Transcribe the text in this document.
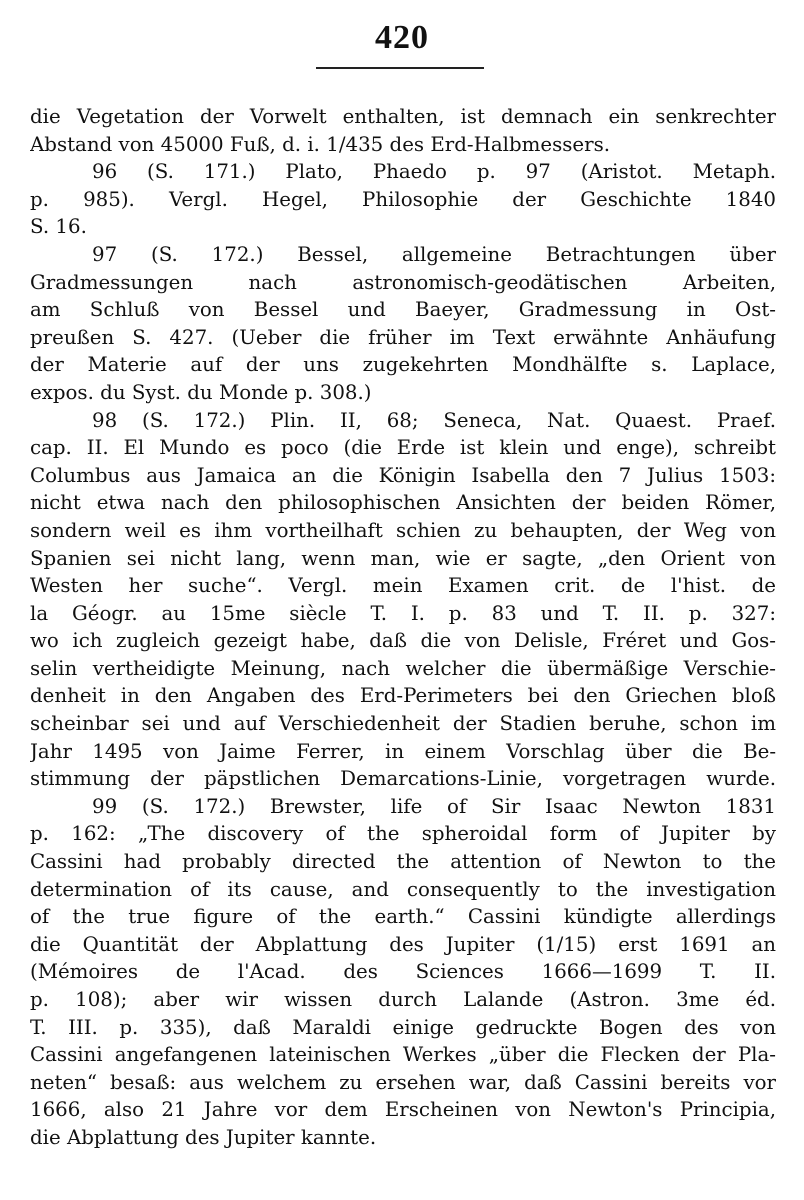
420
die Vegetation der Vorwelt enthalten, ist demnach ein senkrechter
Abstand von 45000 Fuß, d. i. 1/435 des Erd-Halbmessers.
96 (S. 171.) Plato, Phaedo p. 97 (Aristot. Metaph.
p. 985). Vergl. Hegel, Philosophie der Geschichte 1840
S. 16.
97 (S. 172.) Bessel, allgemeine Betrachtungen über
Gradmessungen nach astronomisch-geodätischen Arbeiten,
am Schluß von Bessel und Baeyer, Gradmessung in Ost-
preußen S. 427. (Ueber die früher im Text erwähnte Anhäufung
der Materie auf der uns zugekehrten Mondhälfte s. Laplace,
expos. du Syst. du Monde p. 308.)
98 (S. 172.) Plin. II, 68; Seneca, Nat. Quaest. Praef.
cap. II. El Mundo es poco (die Erde ist klein und enge), schreibt
Columbus aus Jamaica an die Königin Isabella den 7 Julius 1503:
nicht etwa nach den philosophischen Ansichten der beiden Römer,
sondern weil es ihm vortheilhaft schien zu behaupten, der Weg von
Spanien sei nicht lang, wenn man, wie er sagte, „den Orient von
Westen her suche“. Vergl. mein Examen crit. de l'hist. de
la Géogr. au 15me siècle T. I. p. 83 und T. II. p. 327:
wo ich zugleich gezeigt habe, daß die von Delisle, Fréret und Gos-
selin vertheidigte Meinung, nach welcher die übermäßige Verschie-
denheit in den Angaben des Erd-Perimeters bei den Griechen bloß
scheinbar sei und auf Verschiedenheit der Stadien beruhe, schon im
Jahr 1495 von Jaime Ferrer, in einem Vorschlag über die Be-
stimmung der päpstlichen Demarcations-Linie, vorgetragen wurde.
99 (S. 172.) Brewster, life of Sir Isaac Newton 1831
p. 162: „The discovery of the spheroidal form of Jupiter by
Cassini had probably directed the attention of Newton to the
determination of its cause, and consequently to the investigation
of the true figure of the earth.“ Cassini kündigte allerdings
die Quantität der Abplattung des Jupiter (1/15) erst 1691 an
(Mémoires de l'Acad. des Sciences 1666—1699 T. II.
p. 108); aber wir wissen durch Lalande (Astron. 3me éd.
T. III. p. 335), daß Maraldi einige gedruckte Bogen des von
Cassini angefangenen lateinischen Werkes „über die Flecken der Pla-
neten“ besaß: aus welchem zu ersehen war, daß Cassini bereits vor
1666, also 21 Jahre vor dem Erscheinen von Newton's Principia,
die Abplattung des Jupiter kannte.
